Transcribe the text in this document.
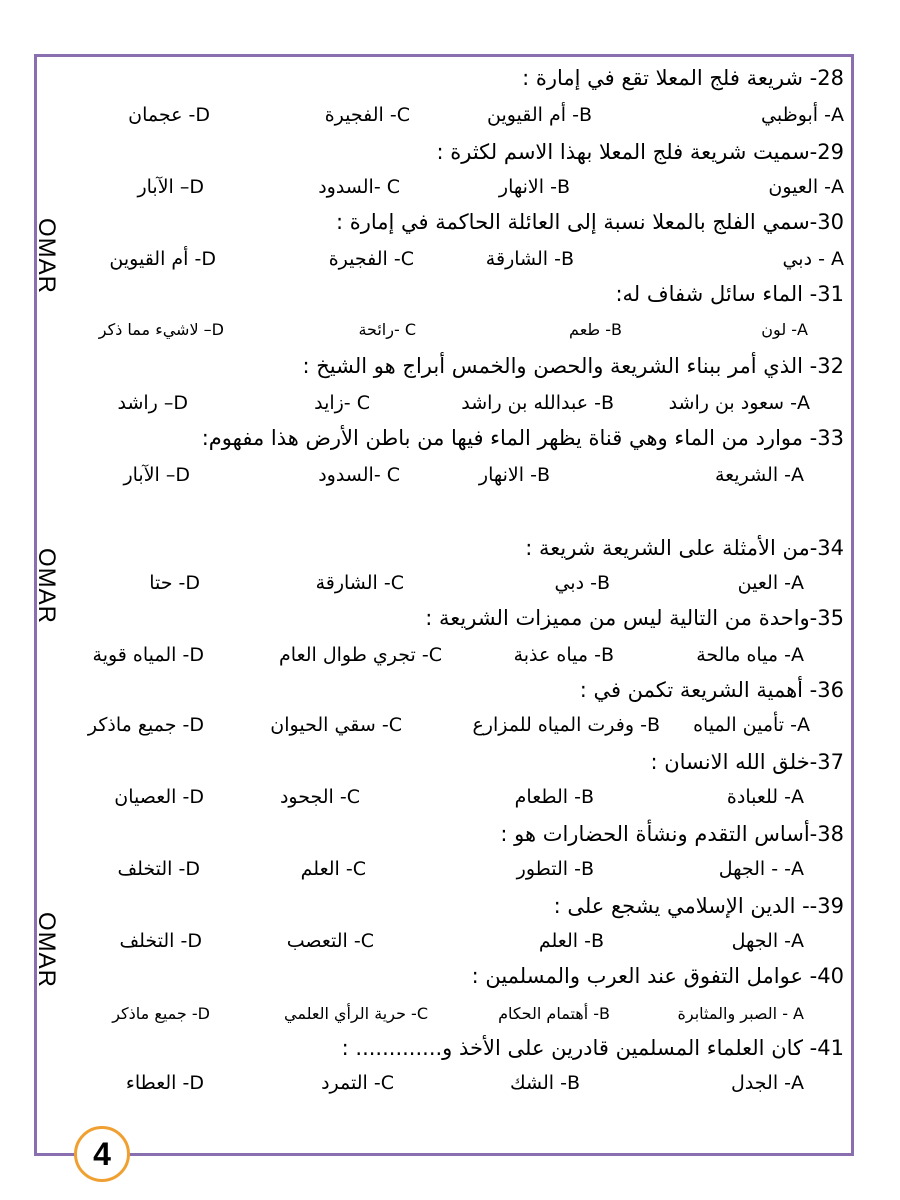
OMAR
OMAR
OMAR
28- شريعة فلج المعلا تقع في إمارة :
A- أبوظبي
B- أم القيوين
C- الفجيرة
D- عجمان
29-سميت شريعة فلج المعلا بهذا الاسم لكثرة :
A- العيون
B- الانهار
C -السدود
D– الآبار
30-سمي الفلج بالمعلا نسبة إلى العائلة الحاكمة في إمارة :
A - دبي
B- الشارقة
C- الفجيرة
D- أم القيوين
31- الماء سائل شفاف له:
A- لون
B- طعم
C -رائحة
D– لاشيء مما ذكر
32- الذي أمر ببناء الشريعة والحصن والخمس أبراج هو الشيخ :
A- سعود بن راشد
B- عبدالله بن راشد
C -زايد
D– راشد
33- موارد من الماء وهي قناة يظهر الماء فيها من باطن الأرض هذا مفهوم:
A- الشريعة
B- الانهار
C -السدود
D– الآبار
34-من الأمثلة على الشريعة شريعة :
A- العين
B- دبي
C- الشارقة
D- حتا
35-واحدة من التالية ليس من مميزات الشريعة :
A- مياه مالحة
B- مياه عذبة
C- تجري طوال العام
D- المياه قوية
36- أهمية الشريعة تكمن في :
A- تأمين المياه
B- وفرت المياه للمزارع
C- سقي الحيوان
D- جميع ماذكر
37-خلق الله الانسان :
A- للعبادة
B- الطعام
C- الجحود
D- العصيان
38-أساس التقدم ونشأة الحضارات هو :
A- - الجهل
B- التطور
C- العلم
D- التخلف
39-- الدين الإسلامي يشجع على :
A- الجهل
B- العلم
C- التعصب
D- التخلف
40- عوامل التفوق عند العرب والمسلمين :
A - الصبر والمثابرة
B- أهتمام الحكام
C- حرية الرأي العلمي
D- جميع ماذكر
41- كان العلماء المسلمين قادرين على الأخذ و............. :
A- الجدل
B- الشك
C- التمرد
D- العطاء
4
